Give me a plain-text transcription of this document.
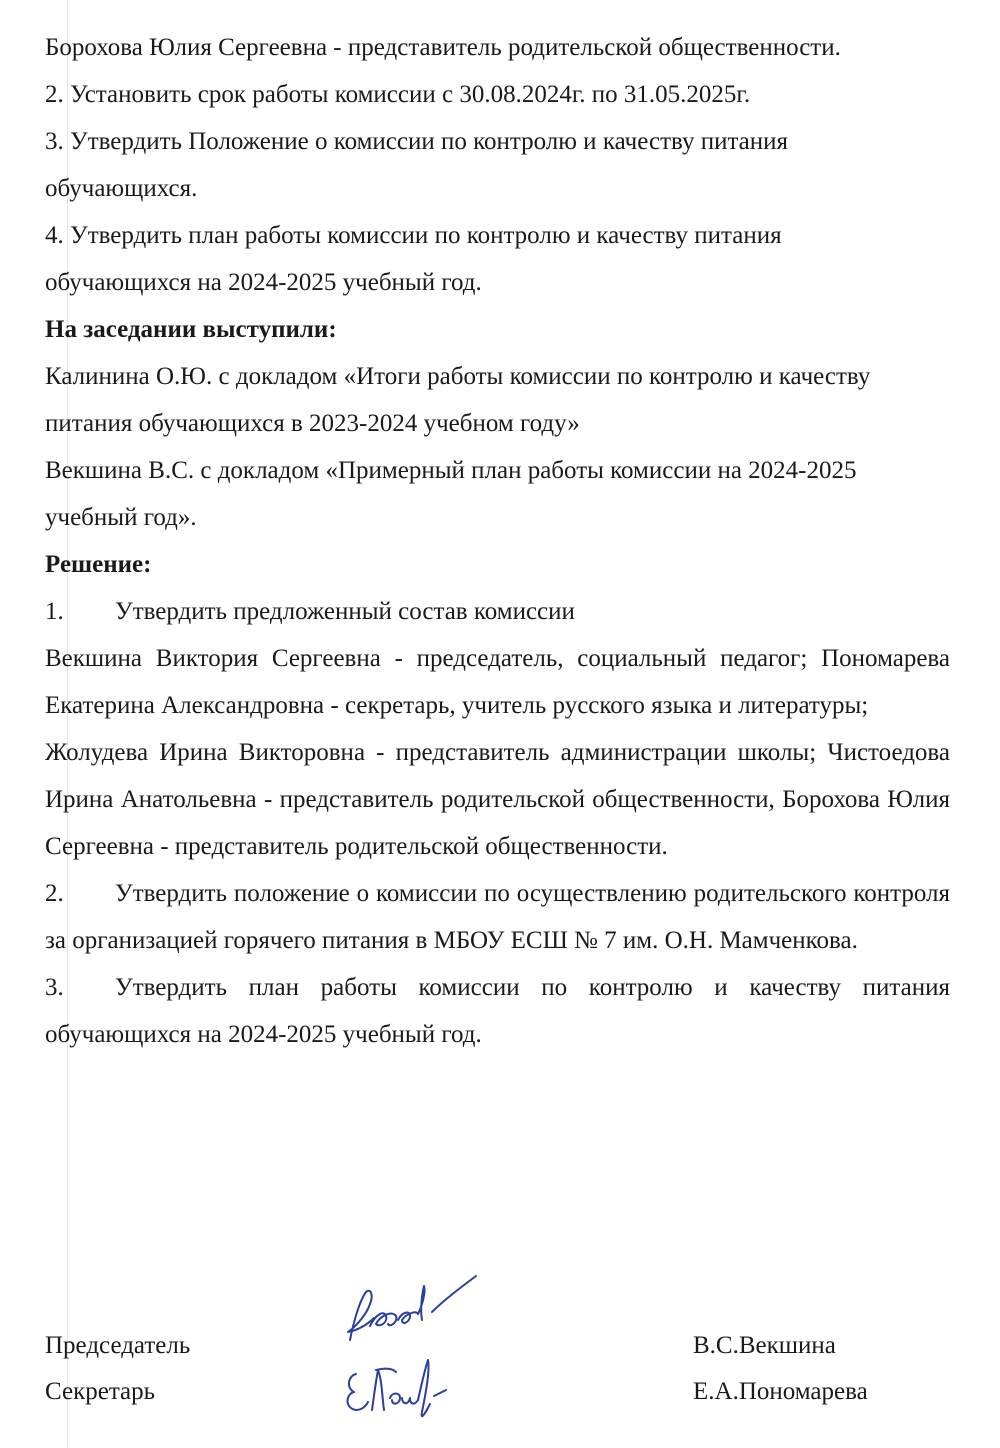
Борохова Юлия Сергеевна - представитель родительской общественности.

2. Установить срок работы комиссии с 30.08.2024г. по 31.05.2025г.

3. Утвердить Положение о комиссии по контролю и качеству питания обучающихся.

4. Утвердить план работы комиссии по контролю и качеству питания обучающихся на 2024-2025 учебный год.

На заседании выступили:

Калинина О.Ю. с докладом «Итоги работы комиссии по контролю и качеству питания обучающихся в 2023-2024 учебном году»

Векшина В.С. с докладом «Примерный план работы комиссии на 2024-2025 учебный год».

Решение:

1. Утвердить предложенный состав комиссии

Векшина Виктория Сергеевна - председатель, социальный педагог; Пономарева Екатерина Александровна - секретарь, учитель русского языка и литературы;

Жолудева Ирина Викторовна - представитель администрации школы; Чистоедова Ирина Анатольевна - представитель родительской общественности, Борохова Юлия Сергеевна - представитель родительской общественности.

2. Утвердить положение о комиссии по осуществлению родительского контроля за организацией горячего питания в МБОУ ЕСШ № 7 им. О.Н. Мамченкова.

3. Утвердить план работы комиссии по контролю и качеству питания обучающихся на 2024-2025 учебный год.

Председатель	В.С.Векшина
Секретарь	Е.А.Пономарева
